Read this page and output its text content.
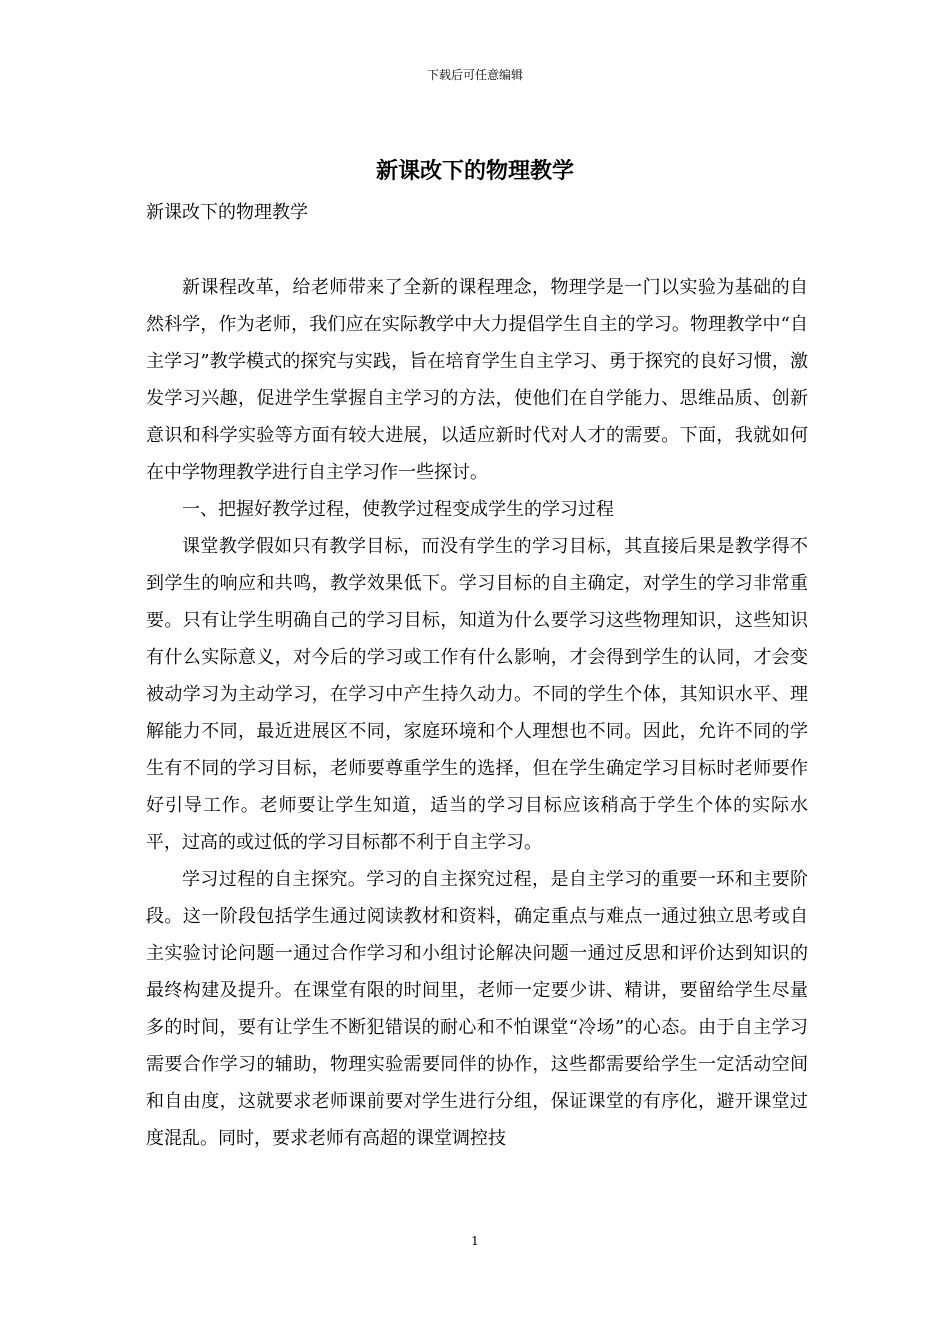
下载后可任意编辑
新课改下的物理教学

新课改下的物理教学

新课程改革，给老师带来了全新的课程理念，物理学是一门以实验为基础的自然科学，作为老师，我们应在实际教学中大力提倡学生自主的学习。物理教学中“自主学习”教学模式的探究与实践，旨在培育学生自主学习、勇于探究的良好习惯，激发学习兴趣，促进学生掌握自主学习的方法，使他们在自学能力、思维品质、创新意识和科学实验等方面有较大进展，以适应新时代对人才的需要。下面，我就如何在中学物理教学进行自主学习作一些探讨。

一、把握好教学过程，使教学过程变成学生的学习过程

课堂教学假如只有教学目标，而没有学生的学习目标，其直接后果是教学得不到学生的响应和共鸣，教学效果低下。学习目标的自主确定，对学生的学习非常重要。只有让学生明确自己的学习目标，知道为什么要学习这些物理知识，这些知识有什么实际意义，对今后的学习或工作有什么影响，才会得到学生的认同，才会变被动学习为主动学习，在学习中产生持久动力。不同的学生个体，其知识水平、理解能力不同，最近进展区不同，家庭环境和个人理想也不同。因此，允许不同的学生有不同的学习目标，老师要尊重学生的选择，但在学生确定学习目标时老师要作好引导工作。老师要让学生知道，适当的学习目标应该稍高于学生个体的实际水平，过高的或过低的学习目标都不利于自主学习。

学习过程的自主探究。学习的自主探究过程，是自主学习的重要一环和主要阶段。这一阶段包括学生通过阅读教材和资料，确定重点与难点一通过独立思考或自主实验讨论问题一通过合作学习和小组讨论解决问题一通过反思和评价达到知识的最终构建及提升。在课堂有限的时间里，老师一定要少讲、精讲，要留给学生尽量多的时间，要有让学生不断犯错误的耐心和不怕课堂“冷场”的心态。由于自主学习需要合作学习的辅助，物理实验需要同伴的协作，这些都需要给学生一定活动空间和自由度，这就要求老师课前要对学生进行分组，保证课堂的有序化，避开课堂过度混乱。同时，要求老师有高超的课堂调控技

1
